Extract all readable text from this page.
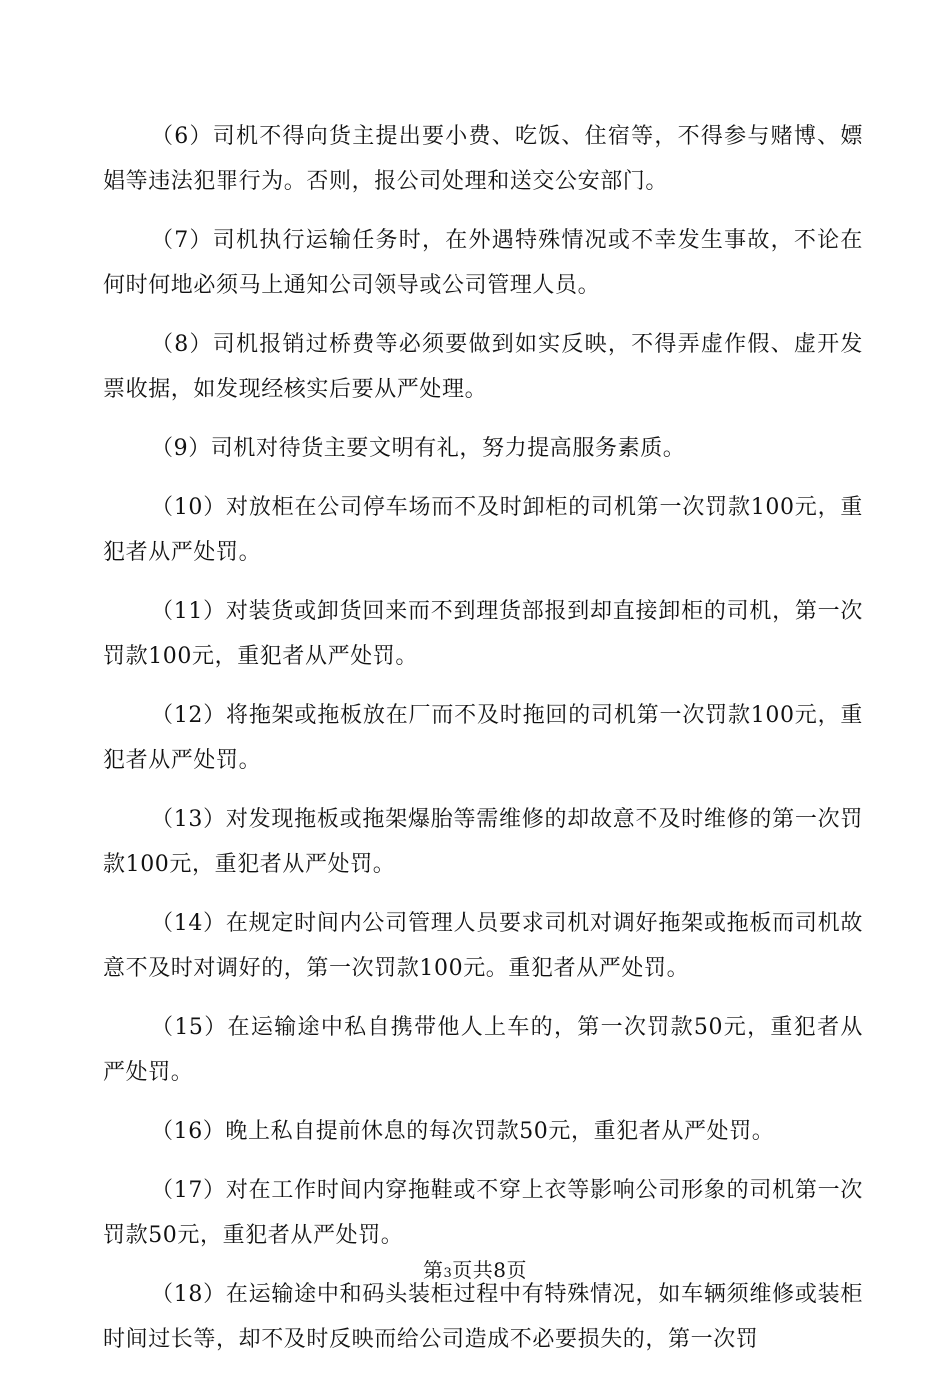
（6）司机不得向货主提出要小费、吃饭、住宿等，不得参与赌博、嫖娼等违法犯罪行为。否则，报公司处理和送交公安部门。

（7）司机执行运输任务时，在外遇特殊情况或不幸发生事故，不论在何时何地必须马上通知公司领导或公司管理人员。

（8）司机报销过桥费等必须要做到如实反映，不得弄虚作假、虚开发票收据，如发现经核实后要从严处理。

（9）司机对待货主要文明有礼，努力提高服务素质。

（10）对放柜在公司停车场而不及时卸柜的司机第一次罚款100元，重犯者从严处罚。

（11）对装货或卸货回来而不到理货部报到却直接卸柜的司机，第一次罚款100元，重犯者从严处罚。

（12）将拖架或拖板放在厂而不及时拖回的司机第一次罚款100元，重犯者从严处罚。

（13）对发现拖板或拖架爆胎等需维修的却故意不及时维修的第一次罚款100元，重犯者从严处罚。

（14）在规定时间内公司管理人员要求司机对调好拖架或拖板而司机故意不及时对调好的，第一次罚款100元。重犯者从严处罚。

（15）在运输途中私自携带他人上车的，第一次罚款50元，重犯者从严处罚。

（16）晚上私自提前休息的每次罚款50元，重犯者从严处罚。

（17）对在工作时间内穿拖鞋或不穿上衣等影响公司形象的司机第一次罚款50元，重犯者从严处罚。

（18）在运输途中和码头装柜过程中有特殊情况，如车辆须维修或装柜时间过长等，却不及时反映而给公司造成不必要损失的，第一次罚

第3页共8页
